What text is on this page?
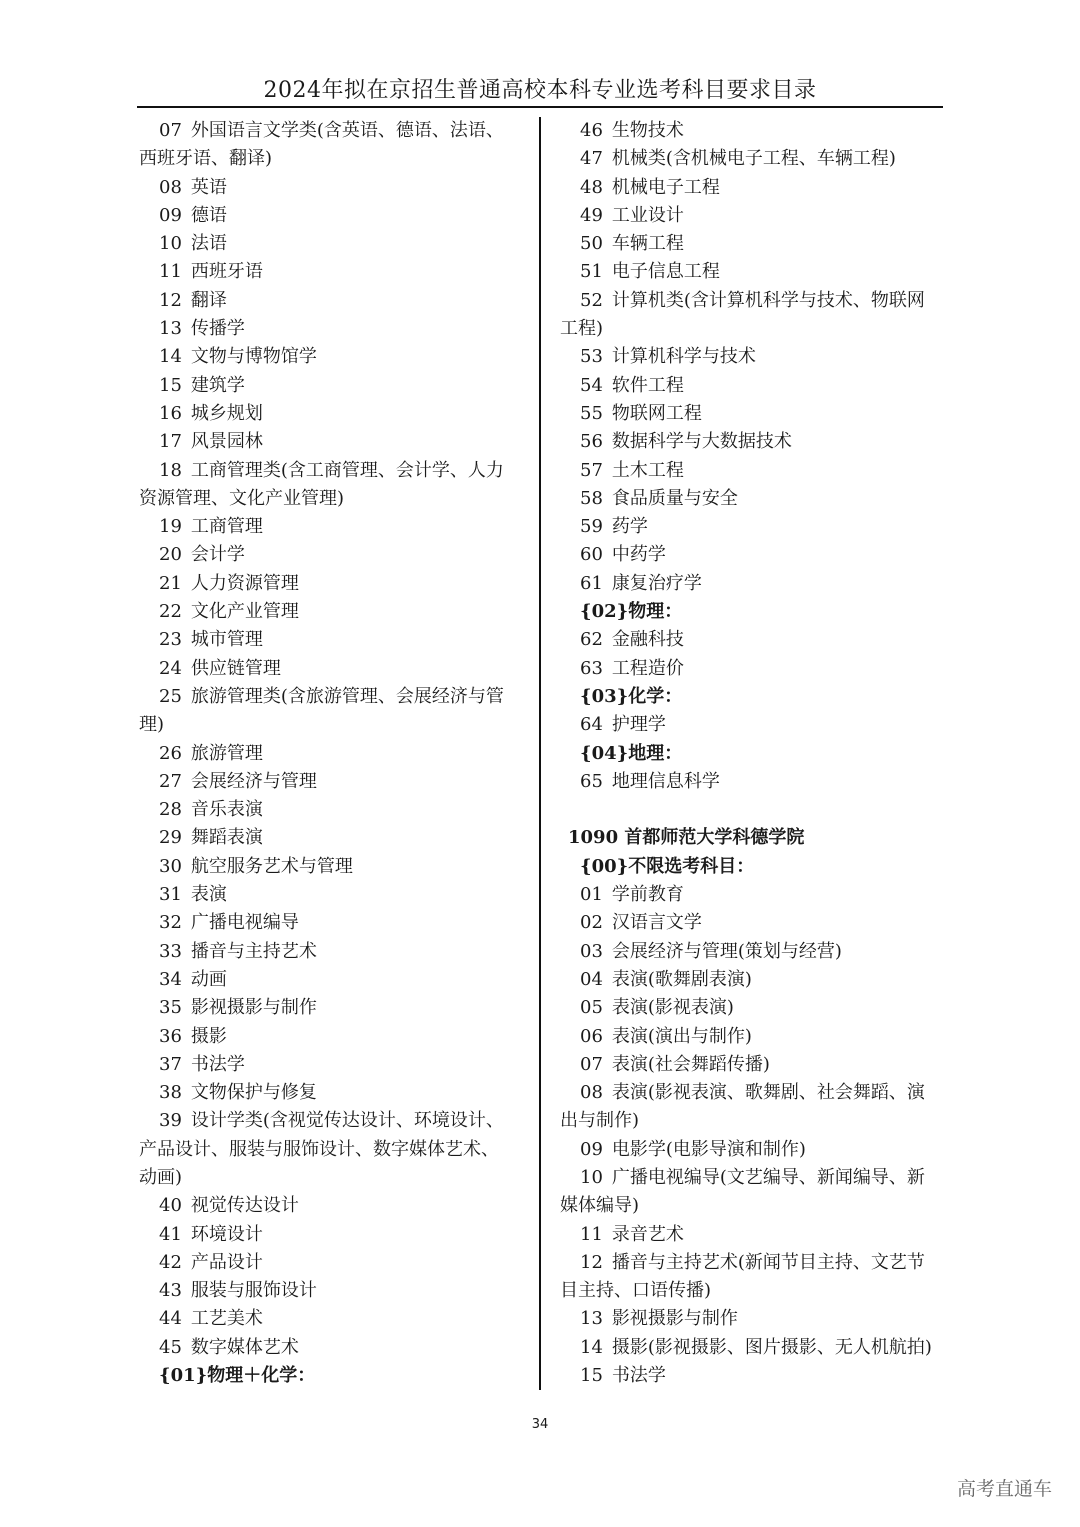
2024年拟在京招生普通高校本科专业选考科目要求目录
07 外国语言文学类(含英语、德语、法语、
西班牙语、翻译)
08 英语
09 德语
10 法语
11 西班牙语
12 翻译
13 传播学
14 文物与博物馆学
15 建筑学
16 城乡规划
17 风景园林
18 工商管理类(含工商管理、会计学、人力
资源管理、文化产业管理)
19 工商管理
20 会计学
21 人力资源管理
22 文化产业管理
23 城市管理
24 供应链管理
25 旅游管理类(含旅游管理、会展经济与管
理)
26 旅游管理
27 会展经济与管理
28 音乐表演
29 舞蹈表演
30 航空服务艺术与管理
31 表演
32 广播电视编导
33 播音与主持艺术
34 动画
35 影视摄影与制作
36 摄影
37 书法学
38 文物保护与修复
39 设计学类(含视觉传达设计、环境设计、
产品设计、服装与服饰设计、数字媒体艺术、
动画)
40 视觉传达设计
41 环境设计
42 产品设计
43 服装与服饰设计
44 工艺美术
45 数字媒体艺术
{01}物理＋化学：
46 生物技术
47 机械类(含机械电子工程、车辆工程)
48 机械电子工程
49 工业设计
50 车辆工程
51 电子信息工程
52 计算机类(含计算机科学与技术、物联网
工程)
53 计算机科学与技术
54 软件工程
55 物联网工程
56 数据科学与大数据技术
57 土木工程
58 食品质量与安全
59 药学
60 中药学
61 康复治疗学
{02}物理：
62 金融科技
63 工程造价
{03}化学：
64 护理学
{04}地理：
65 地理信息科学
1090 首都师范大学科德学院
{00}不限选考科目：
01 学前教育
02 汉语言文学
03 会展经济与管理(策划与经营)
04 表演(歌舞剧表演)
05 表演(影视表演)
06 表演(演出与制作)
07 表演(社会舞蹈传播)
08 表演(影视表演、歌舞剧、社会舞蹈、演
出与制作)
09 电影学(电影导演和制作)
10 广播电视编导(文艺编导、新闻编导、新
媒体编导)
11 录音艺术
12 播音与主持艺术(新闻节目主持、文艺节
目主持、口语传播)
13 影视摄影与制作
14 摄影(影视摄影、图片摄影、无人机航拍)
15 书法学
34
高考直通车
